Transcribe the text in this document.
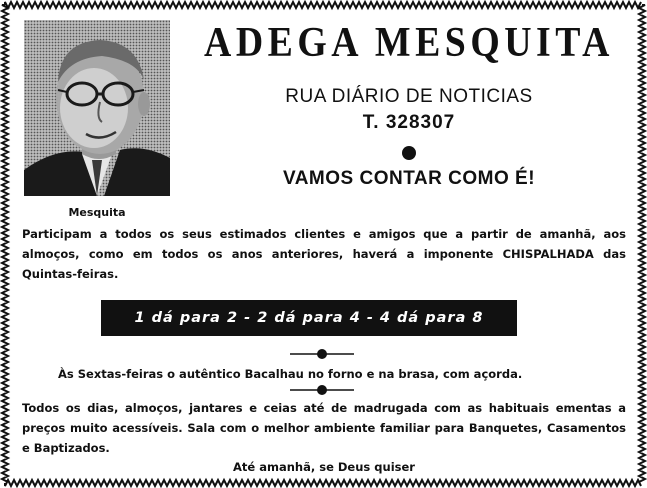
Mesquita
ADEGA MESQUITA
RUA DIÁRIO DE NOTICIAS
T. 328307
VAMOS CONTAR COMO É!
Participam a todos os seus estimados clientes e amigos que a partir de amanhã, aos almoços, como em todos os anos anteriores, haverá a imponente CHISPALHADA das Quintas-feiras.
1 dá para 2 - 2 dá para 4 - 4 dá para 8
Às Sextas-feiras o autêntico Bacalhau no forno e na brasa, com açorda.
Todos os dias, almoços, jantares e ceias até de madrugada com as habituais ementas a preços muito acessíveis. Sala com o melhor ambiente familiar para Banquetes, Casamentos e Baptizados.
Até amanhã, se Deus quiser
